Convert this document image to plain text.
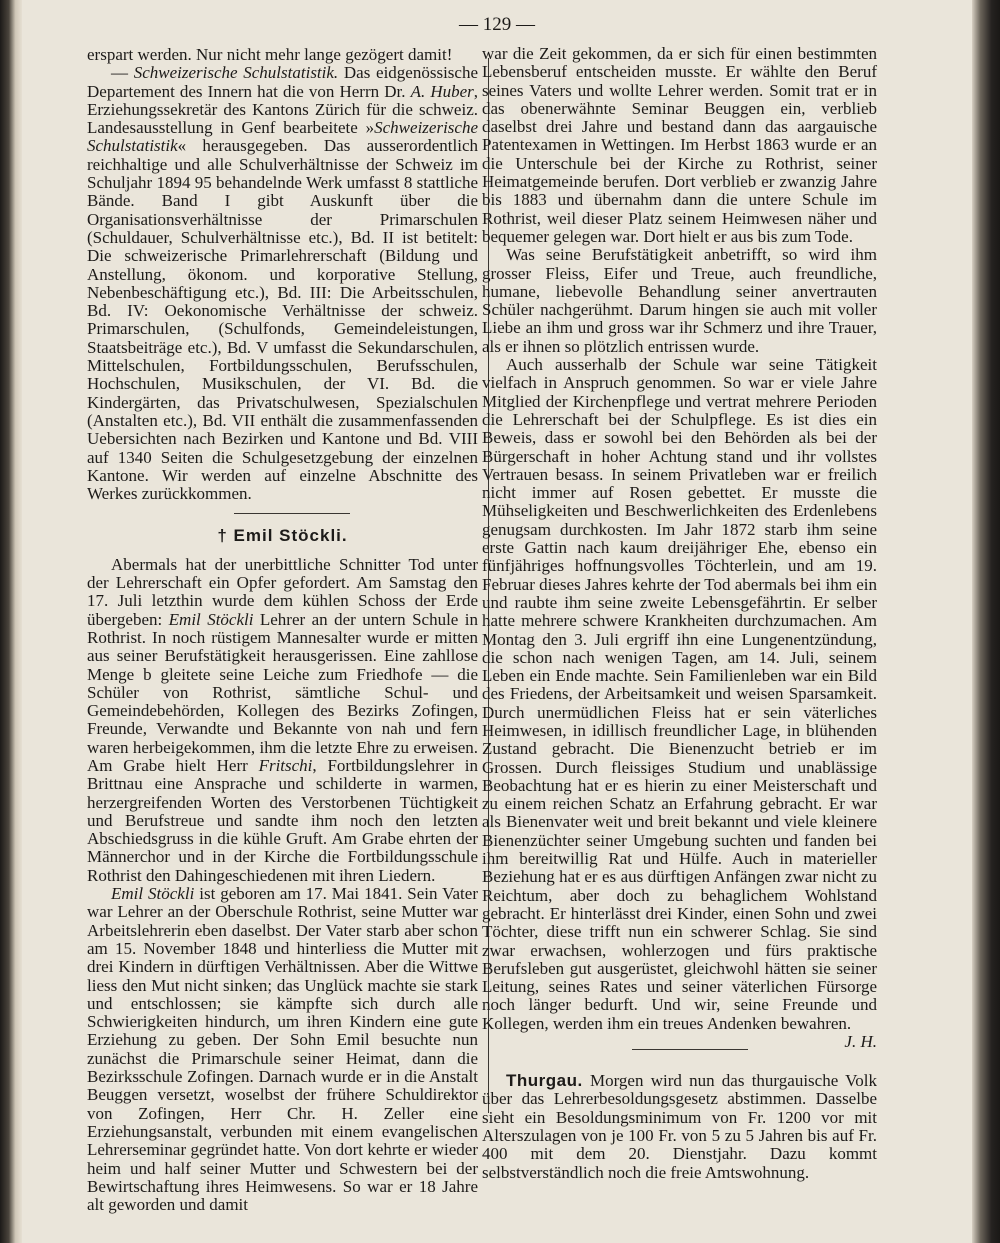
— 129 —

erspart werden. Nur nicht mehr lange gezögert damit!

— Schweizerische Schulstatistik. Das eidgenössische Departement des Innern hat die von Herrn Dr. A. Huber, Erziehungssekretär des Kantons Zürich für die schweiz. Landesausstellung in Genf bearbeitete »Schweizerische Schulstatistik« herausgegeben. Das ausserordentlich reichhaltige und alle Schulverhältnisse der Schweiz im Schuljahr 1894 95 behandelnde Werk umfasst 8 stattliche Bände. Band I gibt Auskunft über die Organisationsverhältnisse der Primarschulen (Schuldauer, Schulverhältnisse etc.), Bd. II ist betitelt: Die schweizerische Primarlehrerschaft (Bildung und Anstellung, ökonom. und korporative Stellung, Nebenbeschäftigung etc.), Bd. III: Die Arbeitsschulen, Bd. IV: Oekonomische Verhältnisse der schweiz. Primarschulen, (Schulfonds, Gemeindeleistungen, Staatsbeiträge etc.), Bd. V umfasst die Sekundarschulen, Mittelschulen, Fortbildungsschulen, Berufsschulen, Hochschulen, Musikschulen, der VI. Bd. die Kindergärten, das Privatschulwesen, Spezialschulen (Anstalten etc.), Bd. VII enthält die zusammenfassenden Uebersichten nach Bezirken und Kantone und Bd. VIII auf 1340 Seiten die Schulgesetzgebung der einzelnen Kantone. Wir werden auf einzelne Abschnitte des Werkes zurückkommen.

† Emil Stöckli.

Abermals hat der unerbittliche Schnitter Tod unter der Lehrerschaft ein Opfer gefordert. Am Samstag den 17. Juli letzthin wurde dem kühlen Schoss der Erde übergeben: Emil Stöckli Lehrer an der untern Schule in Rothrist. In noch rüstigem Mannesalter wurde er mitten aus seiner Berufstätigkeit herausgerissen. Eine zahllose Menge b gleitete seine Leiche zum Friedhofe — die Schüler von Rothrist, sämtliche Schul- und Gemeindebehörden, Kollegen des Bezirks Zofingen, Freunde, Verwandte und Bekannte von nah und fern waren herbeigekommen, ihm die letzte Ehre zu erweisen. Am Grabe hielt Herr Fritschi, Fortbildungslehrer in Brittnau eine Ansprache und schilderte in warmen, herzergreifenden Worten des Verstorbenen Tüchtigkeit und Berufstreue und sandte ihm noch den letzten Abschiedsgruss in die kühle Gruft. Am Grabe ehrten der Männerchor und in der Kirche die Fortbildungsschule Rothrist den Dahingeschiedenen mit ihren Liedern.

Emil Stöckli ist geboren am 17. Mai 1841. Sein Vater war Lehrer an der Oberschule Rothrist, seine Mutter war Arbeitslehrerin eben daselbst. Der Vater starb aber schon am 15. November 1848 und hinterliess die Mutter mit drei Kindern in dürftigen Verhältnissen. Aber die Wittwe liess den Mut nicht sinken; das Unglück machte sie stark und entschlossen; sie kämpfte sich durch alle Schwierigkeiten hindurch, um ihren Kindern eine gute Erziehung zu geben. Der Sohn Emil besuchte nun zunächst die Primarschule seiner Heimat, dann die Bezirksschule Zofingen. Darnach wurde er in die Anstalt Beuggen versetzt, woselbst der frühere Schuldirektor von Zofingen, Herr Chr. H. Zeller eine Erziehungsanstalt, verbunden mit einem evangelischen Lehrerseminar gegründet hatte. Von dort kehrte er wieder heim und half seiner Mutter und Schwestern bei der Bewirtschaftung ihres Heimwesens. So war er 18 Jahre alt geworden und damit

war die Zeit gekommen, da er sich für einen bestimmten Lebensberuf entscheiden musste. Er wählte den Beruf seines Vaters und wollte Lehrer werden. Somit trat er in das obenerwähnte Seminar Beuggen ein, verblieb daselbst drei Jahre und bestand dann das aargauische Patentexamen in Wettingen. Im Herbst 1863 wurde er an die Unterschule bei der Kirche zu Rothrist, seiner Heimatgemeinde berufen. Dort verblieb er zwanzig Jahre bis 1883 und übernahm dann die untere Schule im Rothrist, weil dieser Platz seinem Heimwesen näher und bequemer gelegen war. Dort hielt er aus bis zum Tode.

Was seine Berufstätigkeit anbetrifft, so wird ihm grosser Fleiss, Eifer und Treue, auch freundliche, humane, liebevolle Behandlung seiner anvertrauten Schüler nachgerühmt. Darum hingen sie auch mit voller Liebe an ihm und gross war ihr Schmerz und ihre Trauer, als er ihnen so plötzlich entrissen wurde.

Auch ausserhalb der Schule war seine Tätigkeit vielfach in Anspruch genommen. So war er viele Jahre Mitglied der Kirchenpflege und vertrat mehrere Perioden die Lehrerschaft bei der Schulpflege. Es ist dies ein Beweis, dass er sowohl bei den Behörden als bei der Bürgerschaft in hoher Achtung stand und ihr vollstes Vertrauen besass. In seinem Privatleben war er freilich nicht immer auf Rosen gebettet. Er musste die Mühseligkeiten und Beschwerlichkeiten des Erdenlebens genugsam durchkosten. Im Jahr 1872 starb ihm seine erste Gattin nach kaum dreijähriger Ehe, ebenso ein fünfjähriges hoffnungsvolles Töchterlein, und am 19. Februar dieses Jahres kehrte der Tod abermals bei ihm ein und raubte ihm seine zweite Lebensgefährtin. Er selber hatte mehrere schwere Krankheiten durchzumachen. Am Montag den 3. Juli ergriff ihn eine Lungenentzündung, die schon nach wenigen Tagen, am 14. Juli, seinem Leben ein Ende machte. Sein Familienleben war ein Bild des Friedens, der Arbeitsamkeit und weisen Sparsamkeit. Durch unermüdlichen Fleiss hat er sein väterliches Heimwesen, in idillisch freundlicher Lage, in blühenden Zustand gebracht. Die Bienenzucht betrieb er im Grossen. Durch fleissiges Studium und unablässige Beobachtung hat er es hierin zu einer Meisterschaft und zu einem reichen Schatz an Erfahrung gebracht. Er war als Bienenvater weit und breit bekannt und viele kleinere Bienenzüchter seiner Umgebung suchten und fanden bei ihm bereitwillig Rat und Hülfe. Auch in materieller Beziehung hat er es aus dürftigen Anfängen zwar nicht zu Reichtum, aber doch zu behaglichem Wohlstand gebracht. Er hinterlässt drei Kinder, einen Sohn und zwei Töchter, diese trifft nun ein schwerer Schlag. Sie sind zwar erwachsen, wohlerzogen und fürs praktische Berufsleben gut ausgerüstet, gleichwohl hätten sie seiner Leitung, seines Rates und seiner väterlichen Fürsorge noch länger bedurft. Und wir, seine Freunde und Kollegen, werden ihm ein treues Andenken bewahren.
J. H.

Thurgau. Morgen wird nun das thurgauische Volk über das Lehrerbesoldungsgesetz abstimmen. Dasselbe sieht ein Besoldungsminimum von Fr. 1200 vor mit Alterszulagen von je 100 Fr. von 5 zu 5 Jahren bis auf Fr. 400 mit dem 20. Dienstjahr. Dazu kommt selbstverständlich noch die freie Amtswohnung.
